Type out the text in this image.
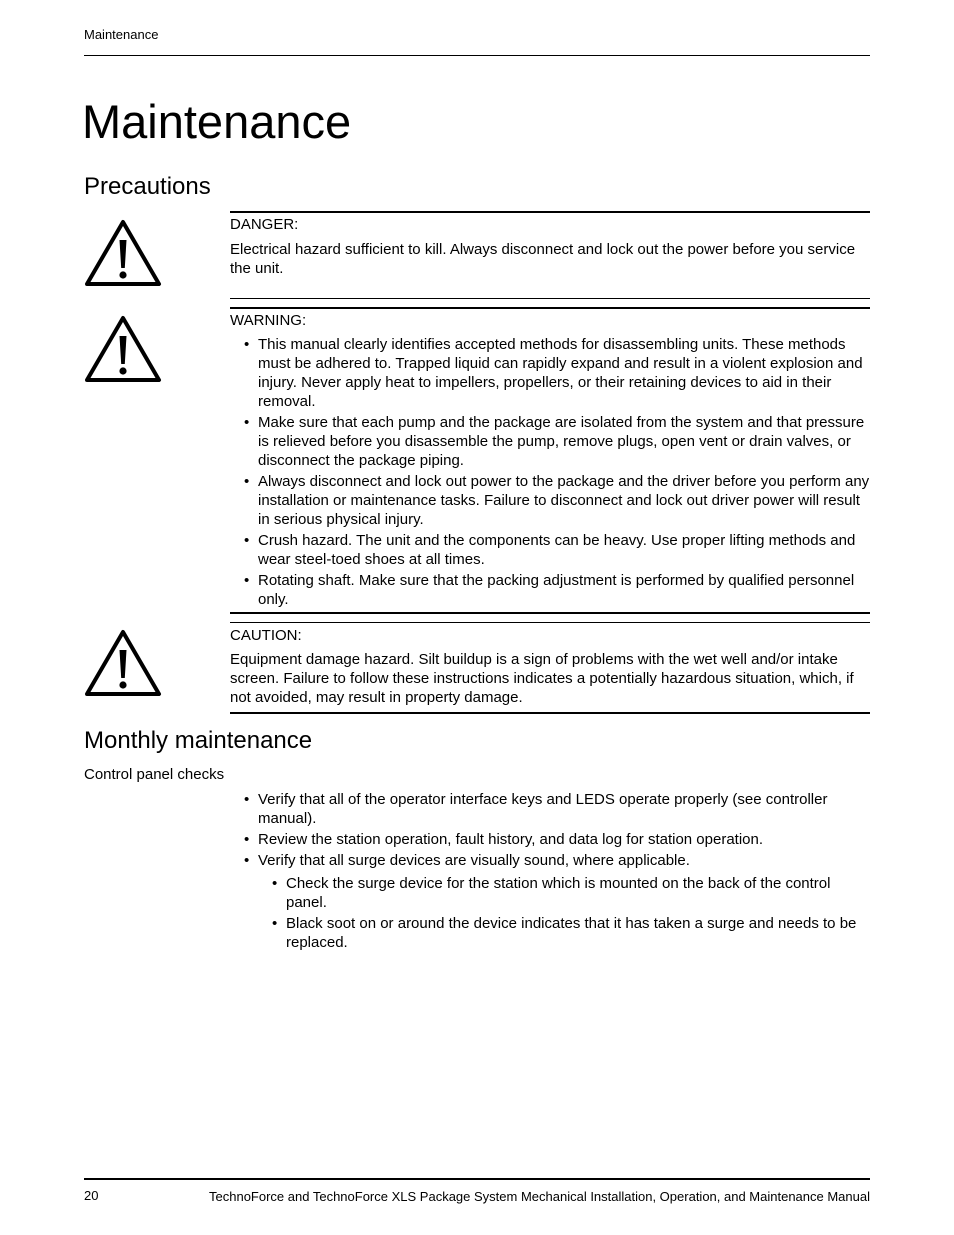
Maintenance
Maintenance
Precautions
DANGER:
Electrical hazard sufficient to kill. Always disconnect and lock out the power before you service the unit.
WARNING:
• This manual clearly identifies accepted methods for disassembling units. These methods must be adhered to. Trapped liquid can rapidly expand and result in a violent explosion and injury. Never apply heat to impellers, propellers, or their retaining devices to aid in their removal.
• Make sure that each pump and the package are isolated from the system and that pressure is relieved before you disassemble the pump, remove plugs, open vent or drain valves, or disconnect the package piping.
• Always disconnect and lock out power to the package and the driver before you perform any installation or maintenance tasks. Failure to disconnect and lock out driver power will result in serious physical injury.
• Crush hazard. The unit and the components can be heavy. Use proper lifting methods and wear steel-toed shoes at all times.
• Rotating shaft. Make sure that the packing adjustment is performed by qualified personnel only.
CAUTION:
Equipment damage hazard. Silt buildup is a sign of problems with the wet well and/or intake screen. Failure to follow these instructions indicates a potentially hazardous situation, which, if not avoided, may result in property damage.
Monthly maintenance
Control panel checks
• Verify that all of the operator interface keys and LEDS operate properly (see controller manual).
• Review the station operation, fault history, and data log for station operation.
• Verify that all surge devices are visually sound, where applicable.
• Check the surge device for the station which is mounted on the back of the control panel.
• Black soot on or around the device indicates that it has taken a surge and needs to be replaced.
20	TechnoForce and TechnoForce XLS Package System Mechanical Installation, Operation, and Maintenance Manual
